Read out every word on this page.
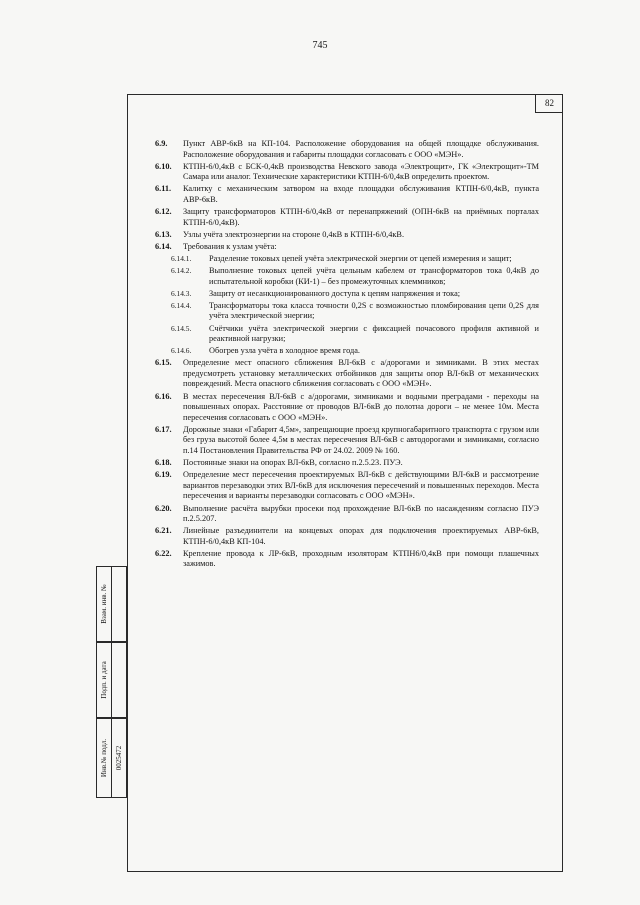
745
82
Взам. инв. №
Подп. и дата
Инв.№ подл. 0025472
6.9.	Пункт АВР-6кВ на КП-104. Расположение оборудования на общей площадке обслуживания. Расположение оборудования и габариты площадки согласовать с ООО «МЭН».
6.10.	КТПН-6/0,4кВ с БСК-0,4кВ производства Невского завода «Электрощит», ГК «Электрощит»-ТМ Самара или аналог. Технические характеристики КТПН-6/0,4кВ определить проектом.
6.11.	Калитку с механическим затвором на входе площадки обслуживания КТПН-6/0,4кВ, пункта АВР-6кВ.
6.12.	Защиту трансформаторов КТПН-6/0,4кВ от перенапряжений (ОПН-6кВ на приёмных порталах КТПН-6/0,4кВ).
6.13.	Узлы учёта электроэнергии на стороне 0,4кВ в КТПН-6/0,4кВ.
6.14.	Требования к узлам учёта:
6.14.1.	Разделение токовых цепей учёта электрической энергии от цепей измерения и защит;
6.14.2.	Выполнение токовых цепей учёта цельным кабелем от трансформаторов тока 0,4кВ до испытательной коробки (КИ-1) – без промежуточных клеммников;
6.14.3.	Защиту от несанкционированного доступа к цепям напряжения и тока;
6.14.4.	Трансформаторы тока класса точности 0,2S с возможностью пломбирования цепи 0,2S для учёта электрической энергии;
6.14.5.	Счётчики учёта электрической энергии с фиксацией почасового профиля активной и реактивной нагрузки;
6.14.6.	Обогрев узла учёта в холодное время года.
6.15.	Определение мест опасного сближения ВЛ-6кВ с а/дорогами и зимниками. В этих местах предусмотреть установку металлических отбойников для защиты опор ВЛ-6кВ от механических повреждений. Места опасного сближения согласовать с ООО «МЭН».
6.16.	В местах пересечения ВЛ-6кВ с а/дорогами, зимниками и водными преградами - переходы на повышенных опорах. Расстояние от проводов ВЛ-6кВ до полотна дороги – не менее 10м. Места пересечения согласовать с ООО «МЭН».
6.17.	Дорожные знаки «Габарит 4,5м», запрещающие проезд крупногабаритного транспорта с грузом или без груза высотой более 4,5м в местах пересечения ВЛ-6кВ с автодорогами и зимниками, согласно п.14 Постановления Правительства РФ от 24.02. 2009 № 160.
6.18.	Постоянные знаки на опорах ВЛ-6кВ, согласно п.2.5.23. ПУЭ.
6.19.	Определение мест пересечения проектируемых ВЛ-6кВ с действующими ВЛ-6кВ и рассмотрение вариантов перезаводки этих ВЛ-6кВ для исключения пересечений и повышенных переходов. Места пересечения и варианты перезаводки согласовать с ООО «МЭН».
6.20.	Выполнение расчёта вырубки просеки под прохождение ВЛ-6кВ по насаждениям согласно ПУЭ п.2.5.207.
6.21.	Линейные разъединители на концевых опорах для подключения проектируемых АВР-6кВ, КТПН-6/0,4кВ КП-104.
6.22.	Крепление провода к ЛР-6кВ, проходным изоляторам КТПН6/0,4кВ при помощи плашечных зажимов.
